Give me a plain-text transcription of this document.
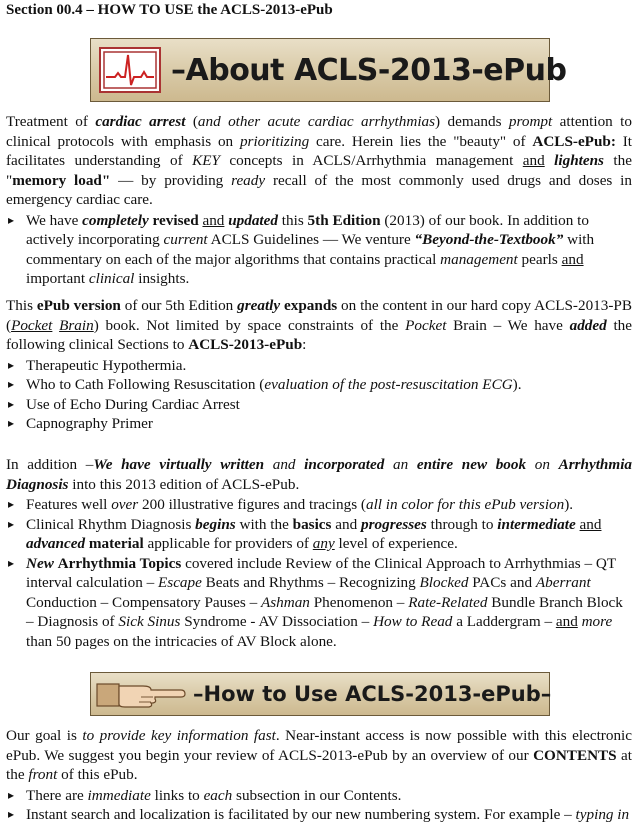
Section 00.4 – HOW TO USE the ACLS-2013-ePub
–About ACLS-2013-ePub

Treatment of cardiac arrest (and other acute cardiac arrhythmias) demands prompt attention to clinical protocols with emphasis on prioritizing care. Herein lies the "beauty" of ACLS-ePub: It facilitates understanding of KEY concepts in ACLS/Arrhythmia management and lightens the "memory load" — by providing ready recall of the most commonly used drugs and doses in emergency cardiac care.

▸ We have completely revised and updated this 5th Edition (2013) of our book. In addition to actively incorporating current ACLS Guidelines — We venture “Beyond-the-Textbook” with commentary on each of the major algorithms that contains practical management pearls and important clinical insights.

This ePub version of our 5th Edition greatly expands on the content in our hard copy ACLS-2013-PB (Pocket Brain) book. Not limited by space constraints of the Pocket Brain – We have added the following clinical Sections to ACLS-2013-ePub:

▸ Therapeutic Hypothermia.
▸ Who to Cath Following Resuscitation (evaluation of the post-resuscitation ECG).
▸ Use of Echo During Cardiac Arrest
▸ Capnography Primer

In addition –We have virtually written and incorporated an entire new book on Arrhythmia Diagnosis into this 2013 edition of ACLS-ePub.

▸ Features well over 200 illustrative figures and tracings (all in color for this ePub version).
▸ Clinical Rhythm Diagnosis begins with the basics and progresses through to intermediate and advanced material applicable for providers of any level of experience.
▸ New Arrhythmia Topics covered include Review of the Clinical Approach to Arrhythmias – QT interval calculation – Escape Beats and Rhythms – Recognizing Blocked PACs and Aberrant Conduction – Compensatory Pauses – Ashman Phenomenon – Rate-Related Bundle Branch Block – Diagnosis of Sick Sinus Syndrome - AV Dissociation – How to Read a Laddergram – and more than 50 pages on the intricacies of AV Block alone.
–How to Use ACLS-2013-ePub–

Our goal is to provide key information fast. Near-instant access is now possible with this electronic ePub. We suggest you begin your review of ACLS-2013-ePub by an overview of our CONTENTS at the front of this ePub.

▸ There are immediate links to each subsection in our Contents.
▸ Instant search and localization is facilitated by our new numbering system. For example – typing in
